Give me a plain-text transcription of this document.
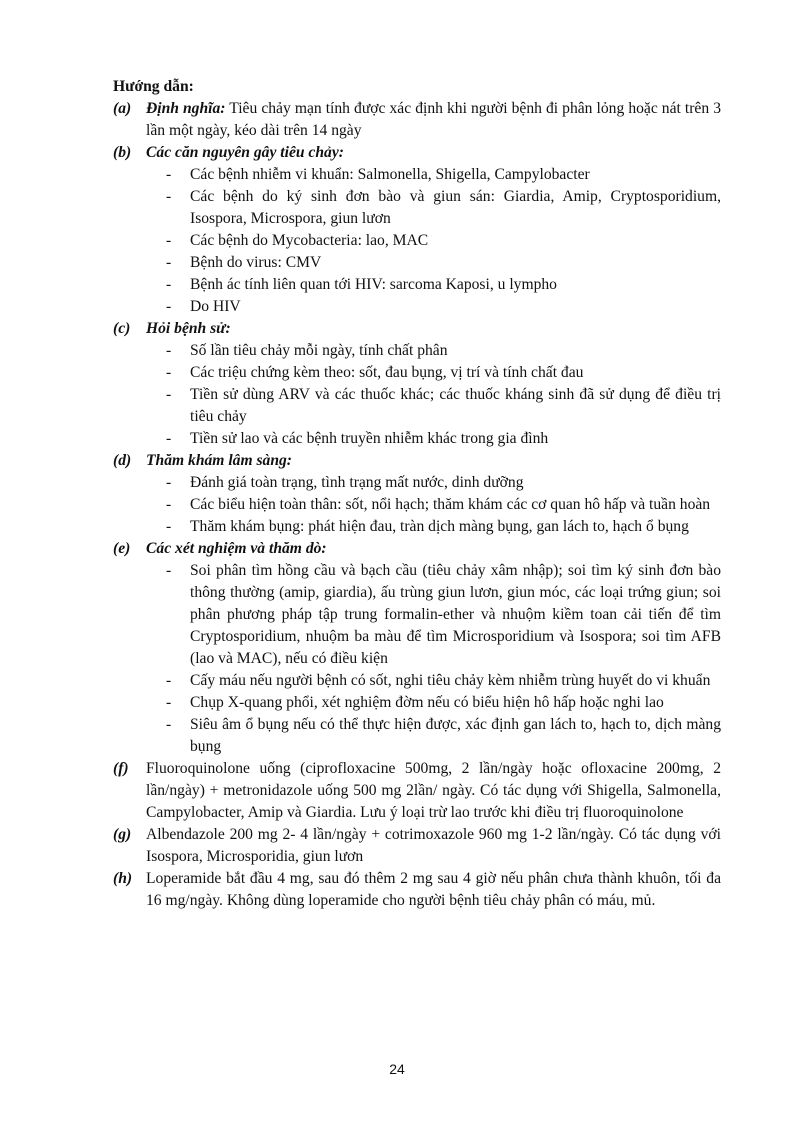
Hướng dẫn:
(a) Định nghĩa: Tiêu chảy mạn tính được xác định khi người bệnh đi phân lỏng hoặc nát trên 3 lần một ngày, kéo dài trên 14 ngày
(b) Các căn nguyên gây tiêu chảy:
-	Các bệnh nhiễm vi khuẩn: Salmonella, Shigella, Campylobacter
-	Các bệnh do ký sinh đơn bào và giun sán: Giardia, Amip, Cryptosporidium, Isospora, Microspora, giun lươn
-	Các bệnh do Mycobacteria: lao, MAC
-	Bệnh do virus: CMV
-	Bệnh ác tính liên quan tới HIV: sarcoma Kaposi, u lympho
-	Do HIV
(c)	Hỏi bệnh sử:
-	Số lần tiêu chảy mỗi ngày, tính chất phân
-	Các triệu chứng kèm theo: sốt, đau bụng, vị trí và tính chất đau
-	Tiền sử dùng ARV và các thuốc khác; các thuốc kháng sinh đã sử dụng để điều trị tiêu chảy
-	Tiền sử lao và các bệnh truyền nhiễm khác trong gia đình
(d) Thăm khám lâm sàng:
-	Đánh giá toàn trạng, tình trạng mất nước, dinh dưỡng
-	Các biểu hiện toàn thân: sốt, nổi hạch; thăm khám các cơ quan hô hấp và tuần hoàn
-	Thăm khám bụng: phát hiện đau, tràn dịch màng bụng, gan lách to, hạch ổ bụng
(e)	Các xét nghiệm và thăm dò:
-	Soi phân tìm hồng cầu và bạch cầu (tiêu chảy xâm nhập); soi tìm ký sinh đơn bào thông thường (amip, giardia), ấu trùng giun lươn, giun móc, các loại trứng giun; soi phân phương pháp tập trung formalin-ether và nhuộm kiềm toan cải tiến để tìm Cryptosporidium, nhuộm ba màu để tìm Microsporidium và Isospora; soi tìm AFB (lao và MAC), nếu có điều kiện
-	Cấy máu nếu người bệnh có sốt, nghi tiêu chảy kèm nhiễm trùng huyết do vi khuẩn
-	Chụp X-quang phổi, xét nghiệm đờm nếu có biểu hiện hô hấp hoặc nghi lao
-	Siêu âm ổ bụng nếu có thể thực hiện được, xác định gan lách to, hạch to, dịch màng bụng
(f)	Fluoroquinolone uống (ciprofloxacine 500mg, 2 lần/ngày hoặc ofloxacine 200mg, 2 lần/ngày) + metronidazole uống 500 mg 2lần/ ngày. Có tác dụng với Shigella, Salmonella, Campylobacter, Amip và Giardia. Lưu ý loại trừ lao trước khi điều trị fluoroquinolone
(g) Albendazole 200 mg 2- 4 lần/ngày + cotrimoxazole 960 mg 1-2 lần/ngày. Có tác dụng với Isospora, Microsporidia, giun lươn
(h) Loperamide bắt đầu 4 mg, sau đó thêm 2 mg sau 4 giờ nếu phân chưa thành khuôn, tối đa 16 mg/ngày. Không dùng loperamide cho người bệnh tiêu chảy phân có máu, mủ.
24
